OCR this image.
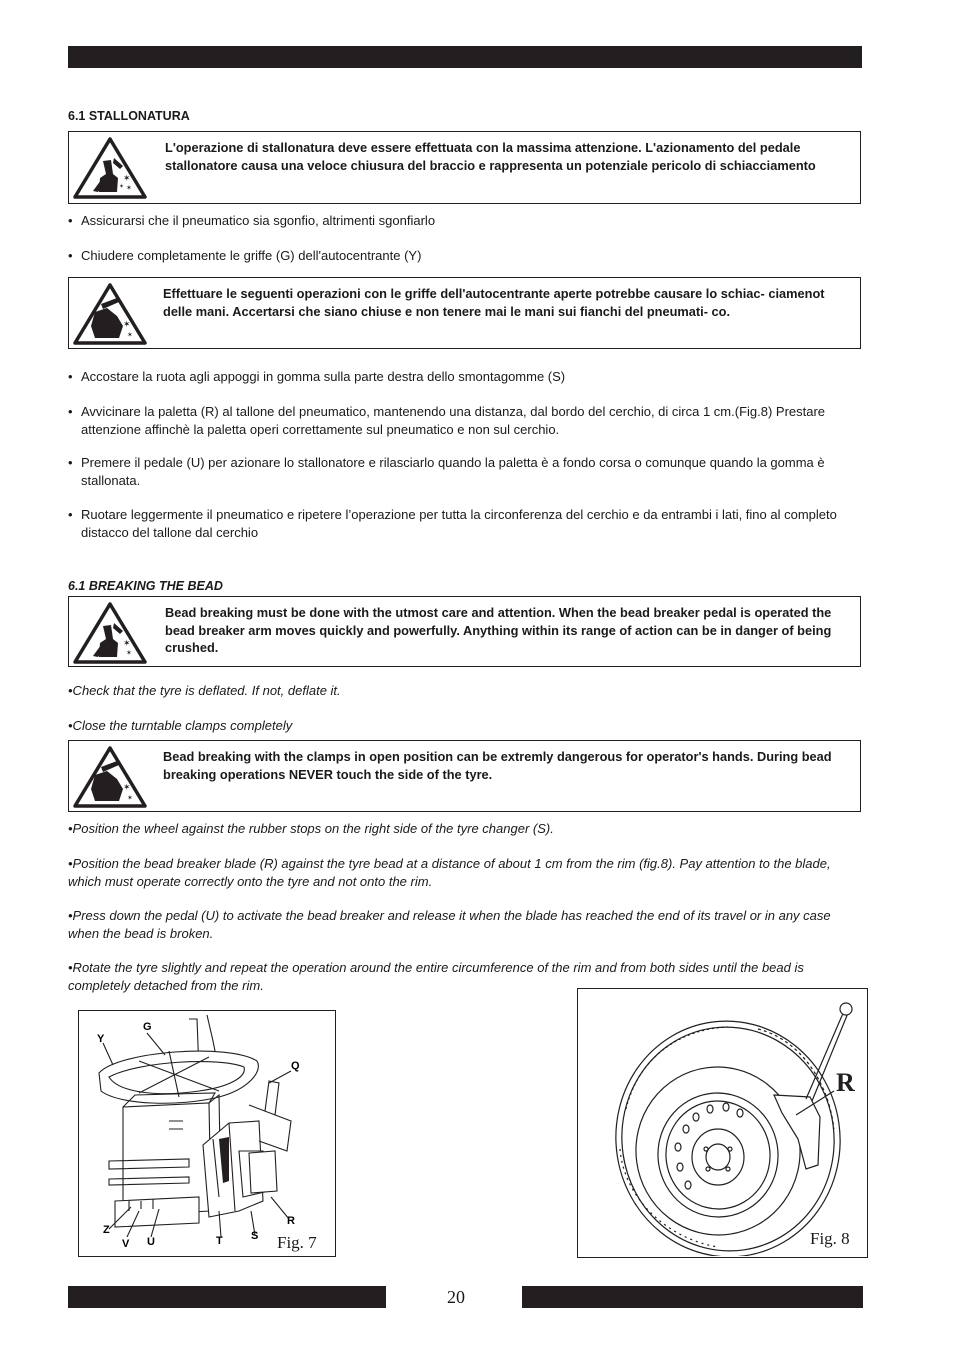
6.1 STALLONATURA
✶
✶
✶
L'operazione di stallonatura deve essere effettuata con la massima attenzione. L'azionamento del pedale stallonatore causa una veloce chiusura del braccio e rappresenta un potenziale pericolo di schiacciamento
• Assicurarsi che il pneumatico sia sgonfio, altrimenti sgonfiarlo
• Chiudere completamente le griffe (G) dell'autocentrante (Y)
✶
✶
Effettuare le seguenti operazioni con le griffe dell'autocentrante aperte potrebbe causare lo schiac- ciamenot delle mani. Accertarsi che siano chiuse e non tenere mai le mani sui fianchi del pneumati- co.
• Accostare la ruota agli appoggi in gomma sulla parte destra dello smontagomme (S)
• Avvicinare la paletta (R) al tallone del pneumatico, mantenendo una distanza, dal bordo del cerchio, di circa 1 cm.(Fig.8) Prestare attenzione affinchè la paletta operi correttamente sul pneumatico e non sul cerchio.
• Premere il pedale (U) per azionare lo stallonatore e rilasciarlo quando la paletta è a fondo corsa o comunque quando la gomma è stallonata.
• Ruotare leggermente il pneumatico e ripetere l’operazione per tutta la circonferenza del cerchio e da entrambi i lati, fino al completo distacco del tallone dal cerchio
6.1 BREAKING THE BEAD
✶
✶
Bead breaking must be done with the utmost care and attention. When the bead breaker pedal is operated the bead breaker arm moves quickly and powerfully. Anything within its range of action can be in danger of being crushed.
•Check that the tyre is deflated. If not, deflate it.
•Close the turntable clamps completely
✶
✶
Bead breaking with the clamps in open position can be extremly dangerous for operator's hands. During bead breaking operations NEVER touch the side of the tyre.
•Position the wheel against the rubber stops on the right side of the tyre changer (S).
•Position the bead breaker blade (R) against the tyre bead at a distance of about 1 cm from the rim (fig.8). Pay attention to the blade, which must operate correctly onto the tyre and not onto the rim.
•Press down the pedal (U) to activate the bead breaker and release it when the blade has reached the end of its travel or in any case when the bead is broken.
•Rotate the tyre slightly and repeat the operation around the entire circumference of the rim and from both sides until the bead is completely detached from the rim.
Y
G
Q
Z
V U	T	S
R
Fig. 7
R
Fig. 8
20
